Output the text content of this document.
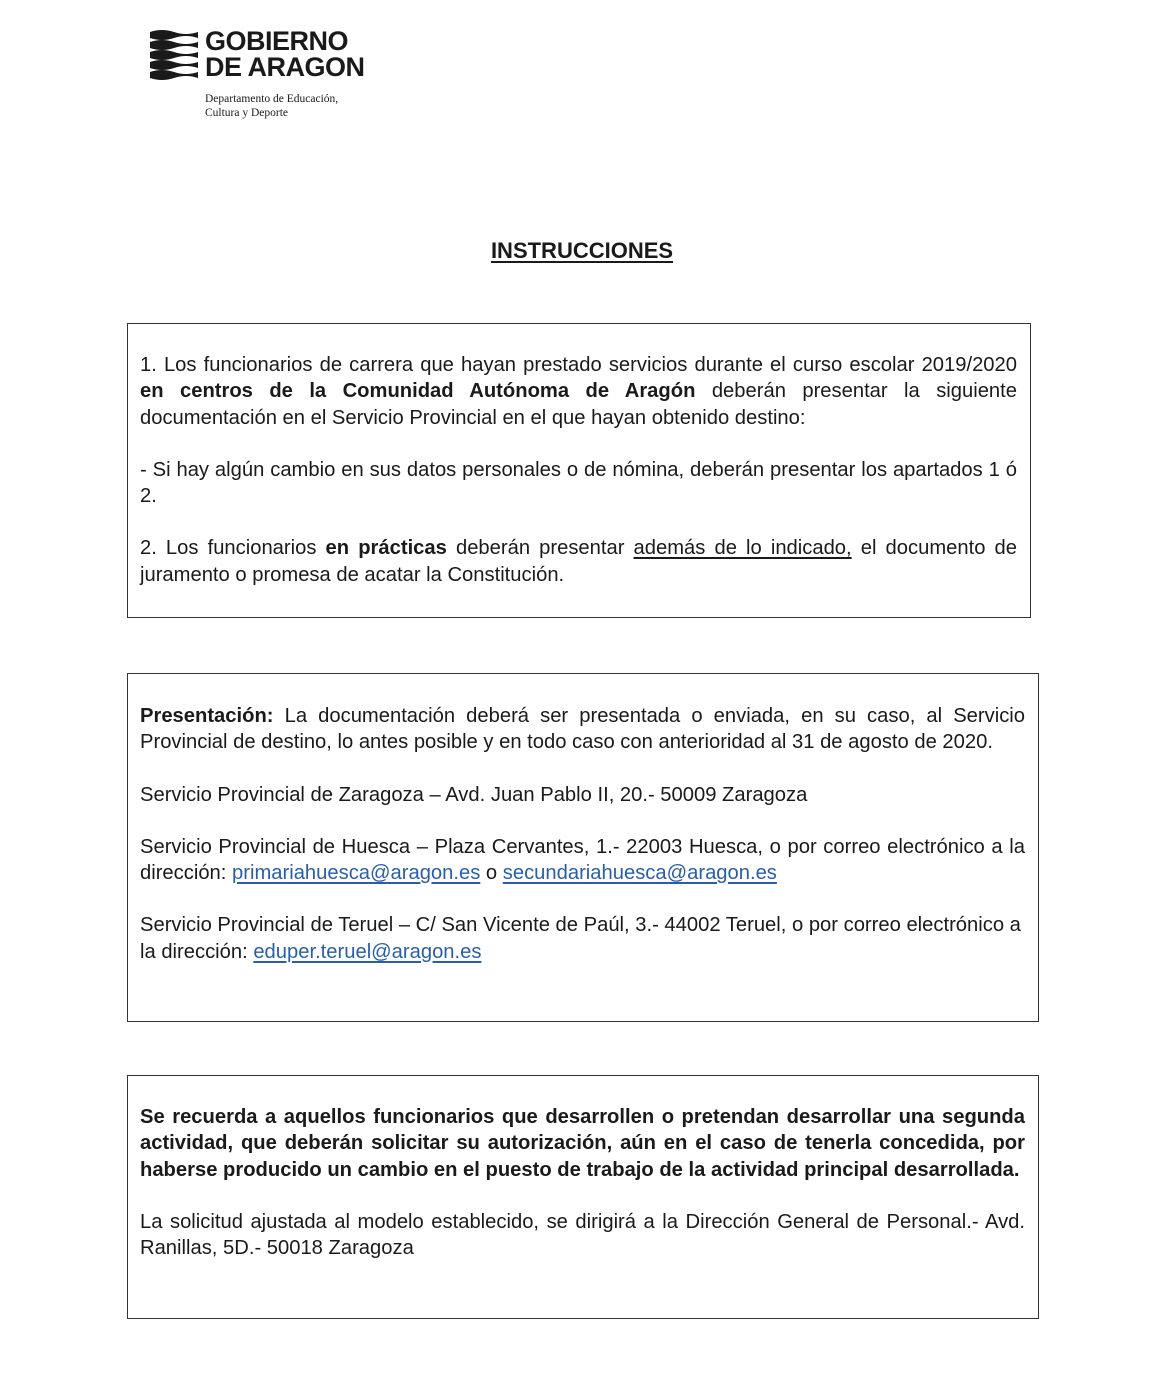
GOBIERNO
DE ARAGON
Departamento de Educación,
Cultura y Deporte
INSTRUCCIONES

1. Los funcionarios de carrera que hayan prestado servicios durante el curso escolar 2019/2020 en centros de la Comunidad Autónoma de Aragón deberán presentar la siguiente documentación en el Servicio Provincial en el que hayan obtenido destino:

- Si hay algún cambio en sus datos personales o de nómina, deberán presentar los apartados 1 ó 2.

2. Los funcionarios en prácticas deberán presentar además de lo indicado, el documento de juramento o promesa de acatar la Constitución.

Presentación: La documentación deberá ser presentada o enviada, en su caso, al Servicio Provincial de destino, lo antes posible y en todo caso con anterioridad al 31 de agosto de 2020.

Servicio Provincial de Zaragoza – Avd. Juan Pablo II, 20.- 50009 Zaragoza

Servicio Provincial de Huesca – Plaza Cervantes, 1.- 22003 Huesca, o por correo electrónico a la dirección: primariahuesca@aragon.es o secundariahuesca@aragon.es

Servicio Provincial de Teruel – C/ San Vicente de Paúl, 3.- 44002 Teruel, o por correo electrónico a la dirección: eduper.teruel@aragon.es

Se recuerda a aquellos funcionarios que desarrollen o pretendan desarrollar una segunda actividad, que deberán solicitar su autorización, aún en el caso de tenerla concedida, por haberse producido un cambio en el puesto de trabajo de la actividad principal desarrollada.

La solicitud ajustada al modelo establecido, se dirigirá a la Dirección General de Personal.- Avd. Ranillas, 5D.- 50018 Zaragoza
